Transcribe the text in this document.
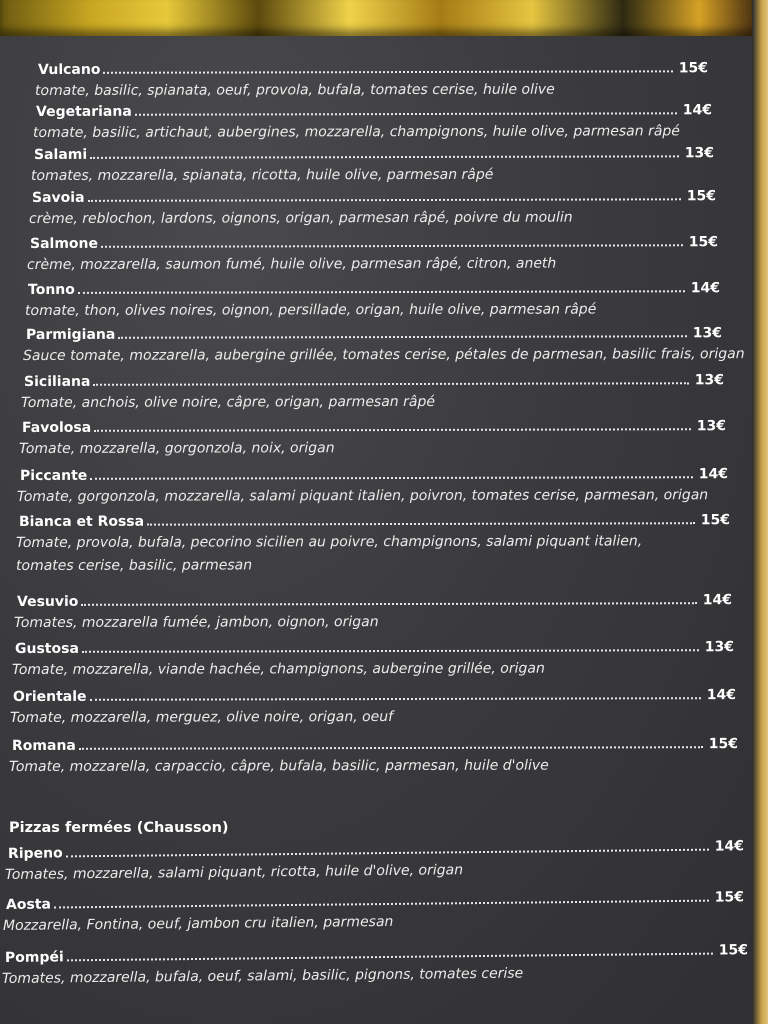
Vulcano	15€
tomate, basilic, spianata, oeuf, provola, bufala, tomates cerise, huile olive
Vegetariana	14€
tomate, basilic, artichaut, aubergines, mozzarella, champignons, huile olive, parmesan râpé
Salami	13€
tomates, mozzarella, spianata, ricotta, huile olive, parmesan râpé
Savoia	15€
crème, reblochon, lardons, oignons, origan, parmesan râpé, poivre du moulin
Salmone	15€
crème, mozzarella, saumon fumé, huile olive, parmesan râpé, citron, aneth
Tonno	14€
tomate, thon, olives noires, oignon, persillade, origan, huile olive, parmesan râpé
Parmigiana	13€
Sauce tomate, mozzarella, aubergine grillée, tomates cerise, pétales de parmesan, basilic frais, origan
Siciliana	13€
Tomate, anchois, olive noire, câpre, origan, parmesan râpé
Favolosa	13€
Tomate, mozzarella, gorgonzola, noix, origan
Piccante	14€
Tomate, gorgonzola, mozzarella, salami piquant italien, poivron, tomates cerise, parmesan, origan
Bianca et Rossa	15€
Tomate, provola, bufala, pecorino sicilien au poivre, champignons, salami piquant italien,
tomates cerise, basilic, parmesan
Vesuvio	14€
Tomates, mozzarella fumée, jambon, oignon, origan
Gustosa	13€
Tomate, mozzarella, viande hachée, champignons, aubergine grillée, origan
Orientale	14€
Tomate, mozzarella, merguez, olive noire, origan, oeuf
Romana	15€
Tomate, mozzarella, carpaccio, câpre, bufala, basilic, parmesan, huile d'olive
Pizzas fermées (Chausson)
Ripeno	14€
Tomates, mozzarella, salami piquant, ricotta, huile d'olive, origan
Aosta	15€
Mozzarella, Fontina, oeuf, jambon cru italien, parmesan
Pompéi	15€
Tomates, mozzarella, bufala, oeuf, salami, basilic, pignons, tomates cerise
